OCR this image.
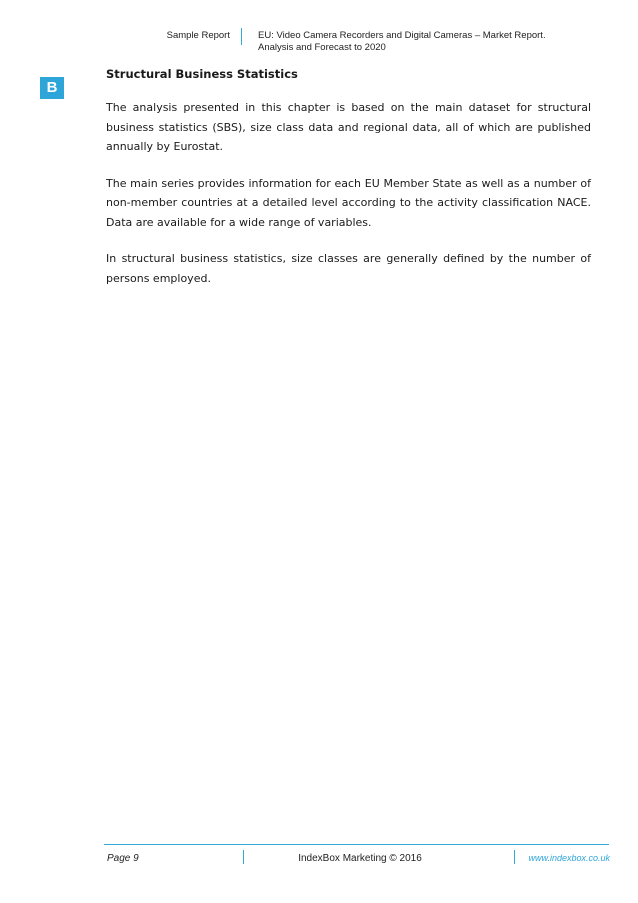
Sample Report	EU: Video Camera Recorders and Digital Cameras – Market Report.
Analysis and Forecast to 2020
B
Structural Business Statistics

The analysis presented in this chapter is based on the main dataset for structural business statistics (SBS), size class data and regional data, all of which are published annually by Eurostat.

The main series provides information for each EU Member State as well as a number of non-member countries at a detailed level according to the activity classification NACE. Data are available for a wide range of variables.

In structural business statistics, size classes are generally defined by the number of persons employed.

Page 9	IndexBox Marketing © 2016	www.indexbox.co.uk
